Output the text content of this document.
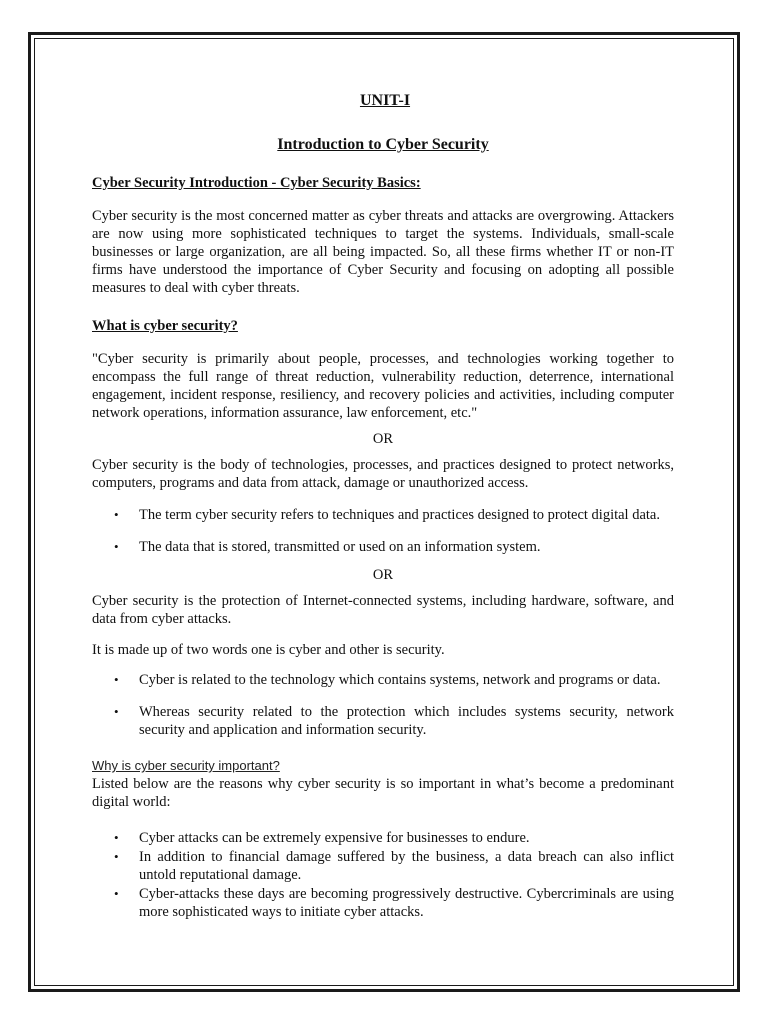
UNIT-I
Introduction to Cyber Security
Cyber Security Introduction - Cyber Security Basics:

Cyber security is the most concerned matter as cyber threats and attacks are overgrowing. Attackers are now using more sophisticated techniques to target the systems. Individuals, small-scale businesses or large organization, are all being impacted. So, all these firms whether IT or non-IT firms have understood the importance of Cyber Security and focusing on adopting all possible measures to deal with cyber threats.

What is cyber security?

"Cyber security is primarily about people, processes, and technologies working together to encompass the full range of threat reduction, vulnerability reduction, deterrence, international engagement, incident response, resiliency, and recovery policies and activities, including computer network operations, information assurance, law enforcement, etc."

OR

Cyber security is the body of technologies, processes, and practices designed to protect networks, computers, programs and data from attack, damage or unauthorized access.

• The term cyber security refers to techniques and practices designed to protect digital data.
• The data that is stored, transmitted or used on an information system.
OR

Cyber security is the protection of Internet-connected systems, including hardware, software, and data from cyber attacks.

It is made up of two words one is cyber and other is security.

• Cyber is related to the technology which contains systems, network and programs or data.
• Whereas security related to the protection which includes systems security, network security and application and information security.
Why is cyber security important?

Listed below are the reasons why cyber security is so important in what’s become a predominant digital world:

• Cyber attacks can be extremely expensive for businesses to endure.
• In addition to financial damage suffered by the business, a data breach can also inflict untold reputational damage.
• Cyber-attacks these days are becoming progressively destructive. Cybercriminals are using more sophisticated ways to initiate cyber attacks.
